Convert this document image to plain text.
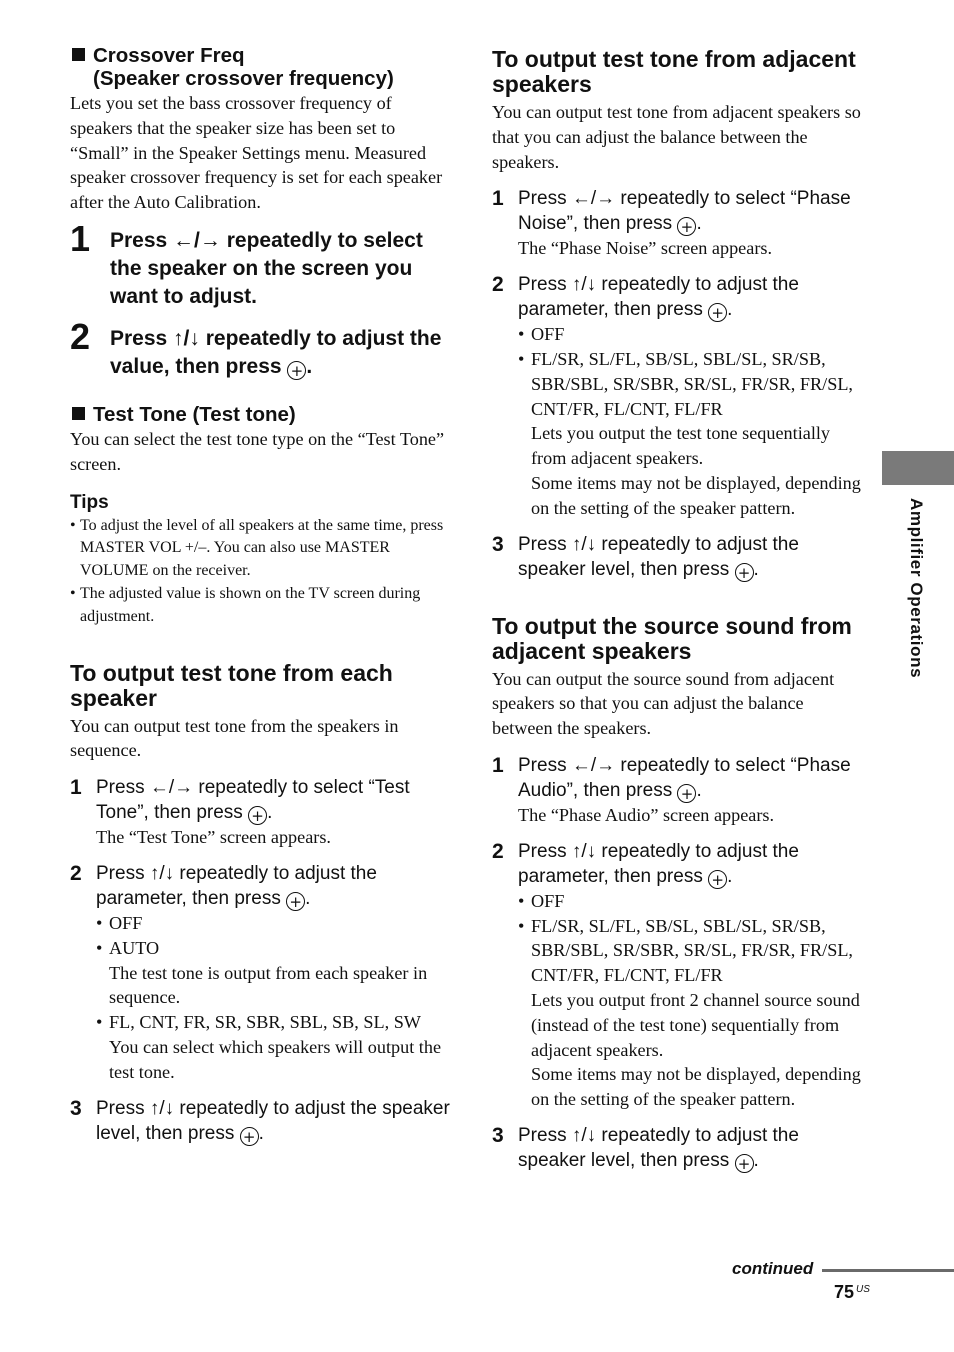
Crossover Freq
(Speaker crossover frequency)

Lets you set the bass crossover frequency of speakers that the speaker size has been set to “Small” in the Speaker Settings menu. Measured speaker crossover frequency is set for each speaker after the Auto Calibration.

1 Press ←/→ repeatedly to select the speaker on the screen you want to adjust.
2 Press ↑/↓ repeatedly to adjust the value, then press + .
Test Tone (Test tone)

You can select the test tone type on the “Test Tone” screen.

Tips
• To adjust the level of all speakers at the same time, press MASTER VOL +/–. You can also use MASTER VOLUME on the receiver.
• The adjusted value is shown on the TV screen during adjustment.
To output test tone from each speaker

You can output test tone from the speakers in sequence.

1 Press ←/→ repeatedly to select “Test Tone”, then press + .
The “Test Tone” screen appears.
2 Press ↑/↓ repeatedly to adjust the parameter, then press + .
• OFF
• AUTO
The test tone is output from each speaker in sequence.
• FL, CNT, FR, SR, SBR, SBL, SB, SL, SW
You can select which speakers will output the test tone.
3 Press ↑/↓ repeatedly to adjust the speaker level, then press + .
To output test tone from adjacent speakers

You can output test tone from adjacent speakers so that you can adjust the balance between the speakers.

1 Press ←/→ repeatedly to select “Phase Noise”, then press + .
The “Phase Noise” screen appears.
2 Press ↑/↓ repeatedly to adjust the parameter, then press + .
• OFF
• FL/SR, SL/FL, SB/SL, SBL/SL, SR/SB, SBR/SBL, SR/SBR, SR/SL, FR/SR, FR/SL, CNT/FR, FL/CNT, FL/FR
Lets you output the test tone sequentially from adjacent speakers.
Some items may not be displayed, depending on the setting of the speaker pattern.
3 Press ↑/↓ repeatedly to adjust the speaker level, then press + .
To output the source sound from adjacent speakers

You can output the source sound from adjacent speakers so that you can adjust the balance between the speakers.

1 Press ←/→ repeatedly to select “Phase Audio”, then press + .
The “Phase Audio” screen appears.
2 Press ↑/↓ repeatedly to adjust the parameter, then press + .
• OFF
• FL/SR, SL/FL, SB/SL, SBL/SL, SR/SB, SBR/SBL, SR/SBR, SR/SL, FR/SR, FR/SL, CNT/FR, FL/CNT, FL/FR
Lets you output front 2 channel source sound (instead of the test tone) sequentially from adjacent speakers.
Some items may not be displayed, depending on the setting of the speaker pattern.
3 Press ↑/↓ repeatedly to adjust the speaker level, then press + .
Amplifier Operations
continued
75 $^{US}$
